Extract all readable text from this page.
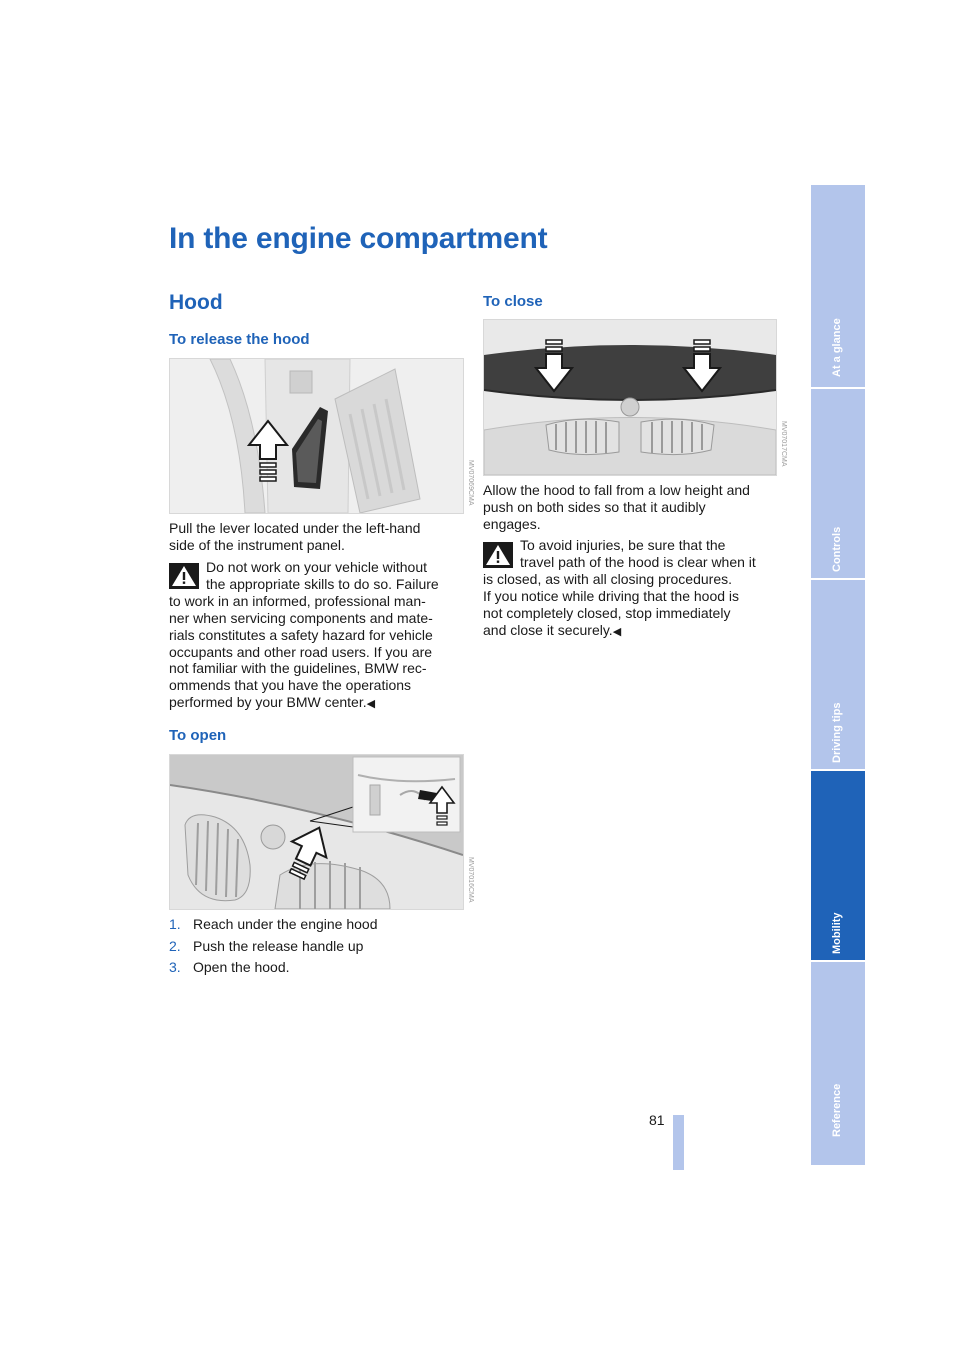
In the engine compartment
Hood
To release the hood
MV07069CMA
Pull the lever located under the left-hand
side of the instrument panel.
Do not work on your vehicle without
the appropriate skills to do so. Failure
to work in an informed, professional man-
ner when servicing components and mate-
rials constitutes a safety hazard for vehicle
occupants and other road users. If you are
not familiar with the guidelines, BMW rec-
ommends that you have the operations
performed by your BMW center.◀
To open
MV07016CMA
1. Reach under the engine hood
2. Push the release handle up
3. Open the hood.
To close
MV07017CMA
Allow the hood to fall from a low height and
push on both sides so that it audibly
engages.
To avoid injuries, be sure that the
travel path of the hood is clear when it
is closed, as with all closing procedures.
If you notice while driving that the hood is
not completely closed, stop immediately
and close it securely.◀
81
At a glance
Controls
Driving tips
Mobility
Reference
